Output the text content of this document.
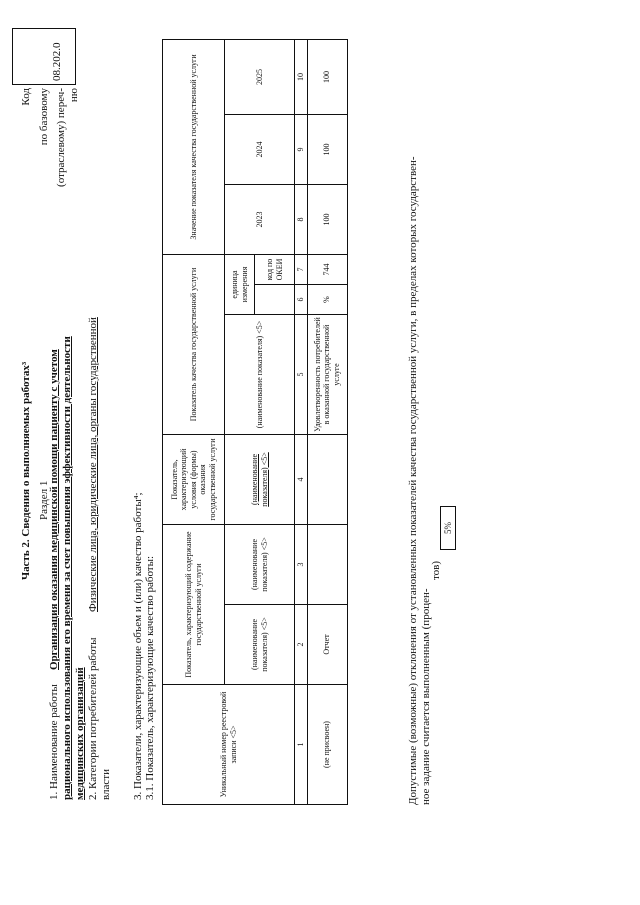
Часть 2. Сведения о выполняемых работах³ Раздел 1
1. Наименование работы
Организация оказания медицинской помощи пациенту с учетом рационального использования его времени за счет повышения эффективности деятельности медицинских организаций 2. Категории потребителей работы
Физические лица, юридические лица, органы государственной
власти
Код по базовому (отраслевому) переч- ню
08.202.0
3. Показатели, характеризующие объем и (или) качество работы⁴; 3.1. Показатель, характеризующие качество работы:	Уникальный номер реестровой записи <5>	Показатель, характеризующий содержание государственной услуги		Показатель, характеризующий условия (формы) оказания государственной услуги	Показатель качества государственной услуги			Значение показателя качества государственной услуги		
	(наименование показателя) <5>	(наименование показателя) <5>	(наименование показателя) <5>	(наименование показателя) <5>	единица измерения		2023	2024	2025
						код по ОКЕИ			
1	2	3	4	5	6	7	8	9	10
(не присвоен)	Отчет			Удовлетворенность потребителей в оказанной государственной услуге	%	744	100	100	100
Допустимые (возможные) отклонения от установленных показателей качества государственной услуги, в пределах которых государствен- ное задание считается выполненным (процен-
тов)
5%
